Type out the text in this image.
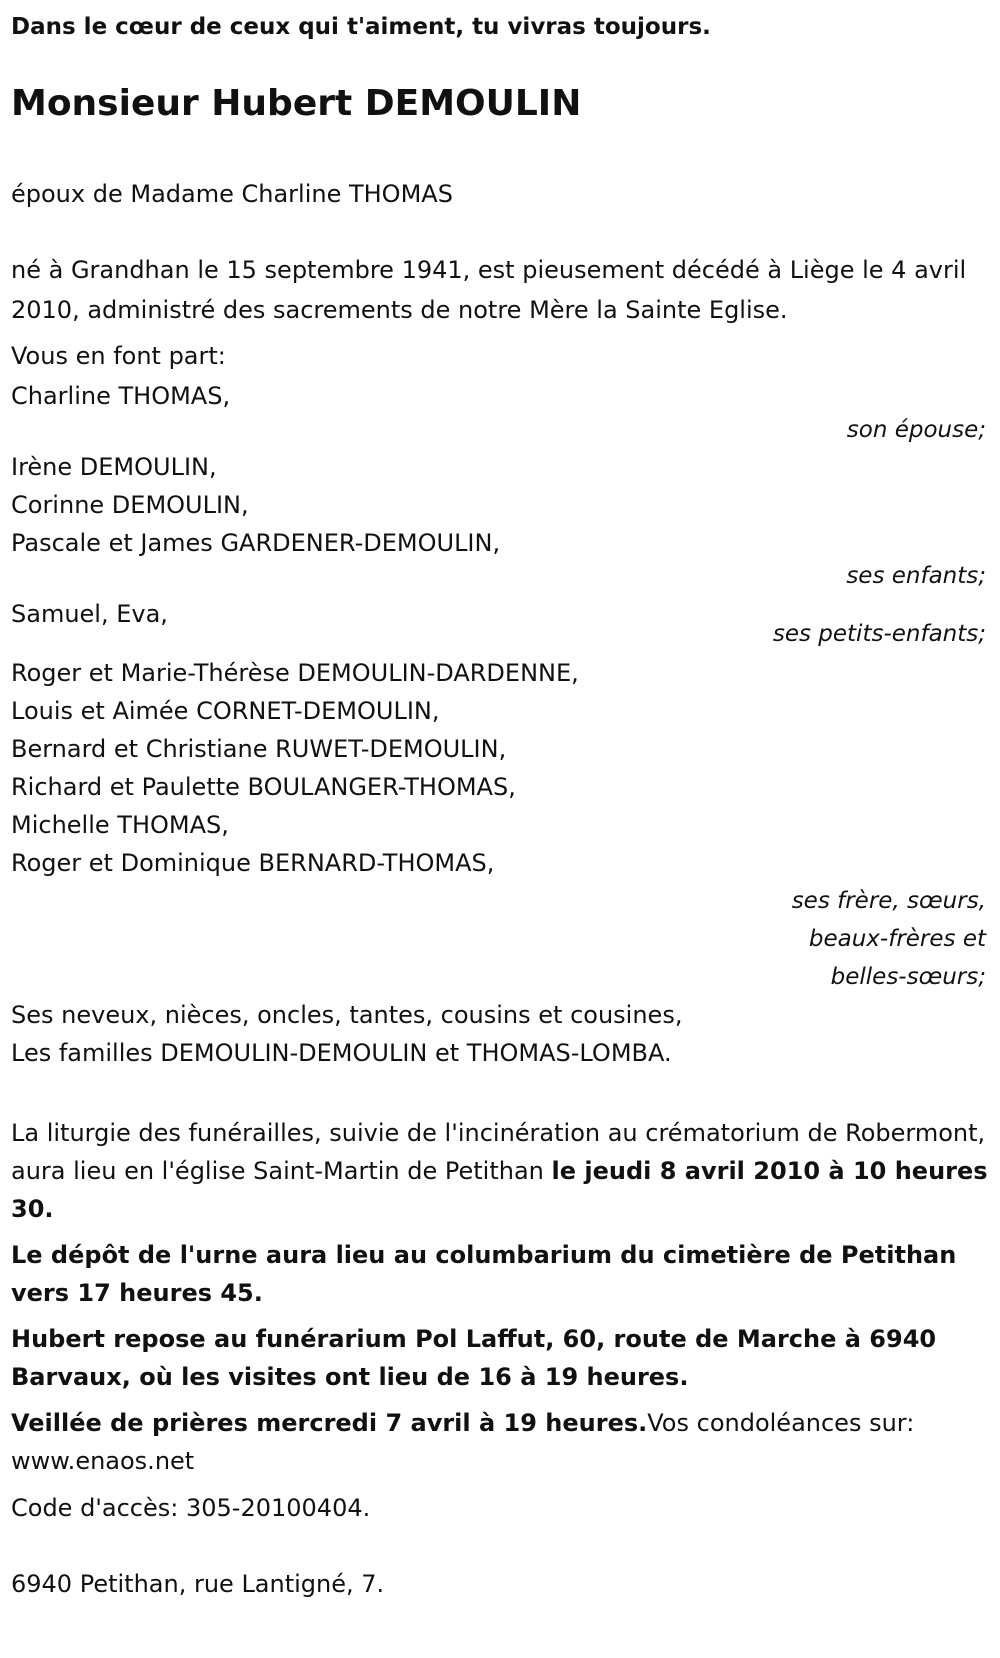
Dans le cœur de ceux qui t'aiment, tu vivras toujours.

Monsieur Hubert DEMOULIN

époux de Madame Charline THOMAS

né à Grandhan le 15 septembre 1941, est pieusement décédé à Liège le 4 avril 2010, administré des sacrements de notre Mère la Sainte Eglise.

Vous en font part:

Charline THOMAS,

son épouse;

Irène DEMOULIN,

Corinne DEMOULIN,

Pascale et James GARDENER-DEMOULIN,

ses enfants;

Samuel, Eva,

ses petits-enfants;

Roger et Marie-Thérèse DEMOULIN-DARDENNE,

Louis et Aimée CORNET-DEMOULIN,

Bernard et Christiane RUWET-DEMOULIN,

Richard et Paulette BOULANGER-THOMAS,

Michelle THOMAS,

Roger et Dominique BERNARD-THOMAS,

ses frère, sœurs,

beaux-frères et

belles-sœurs;

Ses neveux, nièces, oncles, tantes, cousins et cousines,

Les familles DEMOULIN-DEMOULIN et THOMAS-LOMBA.

La liturgie des funérailles, suivie de l'incinération au crématorium de Robermont, aura lieu en l'église Saint-Martin de Petithan le jeudi 8 avril 2010 à 10 heures 30.

Le dépôt de l'urne aura lieu au columbarium du cimetière de Petithan vers 17 heures 45.

Hubert repose au funérarium Pol Laffut, 60, route de Marche à 6940 Barvaux, où les visites ont lieu de 16 à 19 heures.

Veillée de prières mercredi 7 avril à 19 heures.Vos condoléances sur: www.enaos.net

Code d'accès: 305-20100404.

6940 Petithan, rue Lantigné, 7.
